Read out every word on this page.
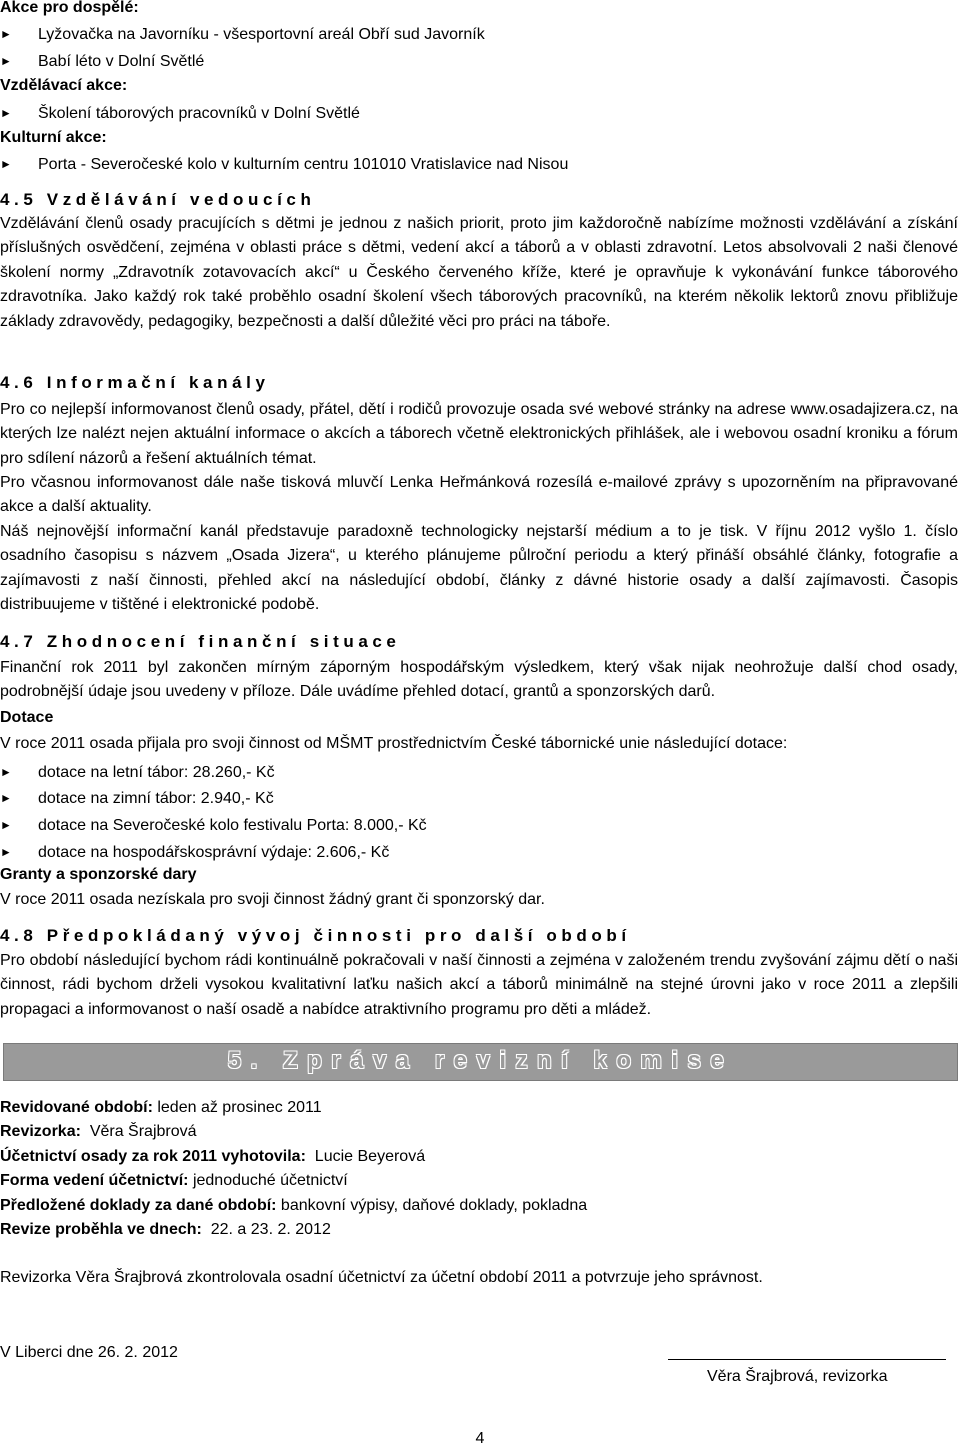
Akce pro dospělé:

► Lyžovačka na Javorníku - všesportovní areál Obří sud Javorník

► Babí léto v Dolní Světlé

Vzdělávací akce:

► Školení táborových pracovníků v Dolní Světlé

Kulturní akce:

► Porta - Severočeské kolo v kulturním centru 101010 Vratislavice nad Nisou

4.5 Vzdělávání vedoucích

Vzdělávání členů osady pracujících s dětmi je jednou z našich priorit, proto jim každoročně nabízíme možnosti vzdělávání a získání příslušných osvědčení, zejména v oblasti práce s dětmi, vedení akcí a táborů a v oblasti zdravotní. Letos absolvovali 2 naši členové školení normy „Zdravotník zotavovacích akcí“ u Českého červeného kříže, které je opravňuje k vykonávání funkce táborového zdravotníka. Jako každý rok také proběhlo osadní školení všech táborových pracovníků, na kterém několik lektorů znovu přibližuje základy zdravovědy, pedagogiky, bezpečnosti a další důležité věci pro práci na táboře.

4.6 Informační kanály

Pro co nejlepší informovanost členů osady, přátel, dětí i rodičů provozuje osada své webové stránky na adrese www.osadajizera.cz, na kterých lze nalézt nejen aktuální informace o akcích a táborech včetně elektronických přihlášek, ale i webovou osadní kroniku a fórum pro sdílení názorů a řešení aktuálních témat.

Pro včasnou informovanost dále naše tisková mluvčí Lenka Heřmánková rozesílá e-mailové zprávy s upozorněním na připravované akce a další aktuality.

Náš nejnovější informační kanál představuje paradoxně technologicky nejstarší médium a to je tisk. V říjnu 2012 vyšlo 1. číslo osadního časopisu s názvem „Osada Jizera“, u kterého plánujeme půlroční periodu a který přináší obsáhlé články, fotografie a zajímavosti z naší činnosti, přehled akcí na následující období, články z dávné historie osady a další zajímavosti. Časopis distribuujeme v tištěné i elektronické podobě.

4.7 Zhodnocení finanční situace

Finanční rok 2011 byl zakončen mírným záporným hospodářským výsledkem, který však nijak neohrožuje další chod osady, podrobnější údaje jsou uvedeny v příloze. Dále uvádíme přehled dotací, grantů a sponzorských darů.

Dotace

V roce 2011 osada přijala pro svoji činnost od MŠMT prostřednictvím České tábornické unie následující dotace:

► dotace na letní tábor: 28.260,- Kč

► dotace na zimní tábor: 2.940,- Kč

► dotace na Severočeské kolo festivalu Porta: 8.000,- Kč

► dotace na hospodářskosprávní výdaje: 2.606,- Kč

Granty a sponzorské dary

V roce 2011 osada nezískala pro svoji činnost žádný grant či sponzorský dar.

4.8 Předpokládaný vývoj činnosti pro další období

Pro období následující bychom rádi kontinuálně pokračovali v naší činnosti a zejména v založeném trendu zvyšování zájmu dětí o naši činnost, rádi bychom drželi vysokou kvalitativní laťku našich akcí a táborů minimálně na stejné úrovni jako v roce 2011 a zlepšili propagaci a informovanost o naší osadě a nabídce atraktivního programu pro děti a mládež.

5. Zpráva revizní komise

Revidované období: leden až prosinec 2011

Revizorka:  Věra Šrajbrová

Účetnictví osady za rok 2011 vyhotovila:  Lucie Beyerová

Forma vedení účetnictví: jednoduché účetnictví

Předložené doklady za dané období: bankovní výpisy, daňové doklady, pokladna

Revize proběhla ve dnech:  22. a 23. 2. 2012

Revizorka Věra Šrajbrová zkontrolovala osadní účetnictví za účetní období 2011 a potvrzuje jeho správnost.

V Liberci dne 26. 2. 2012

Věra Šrajbrová, revizorka

4
